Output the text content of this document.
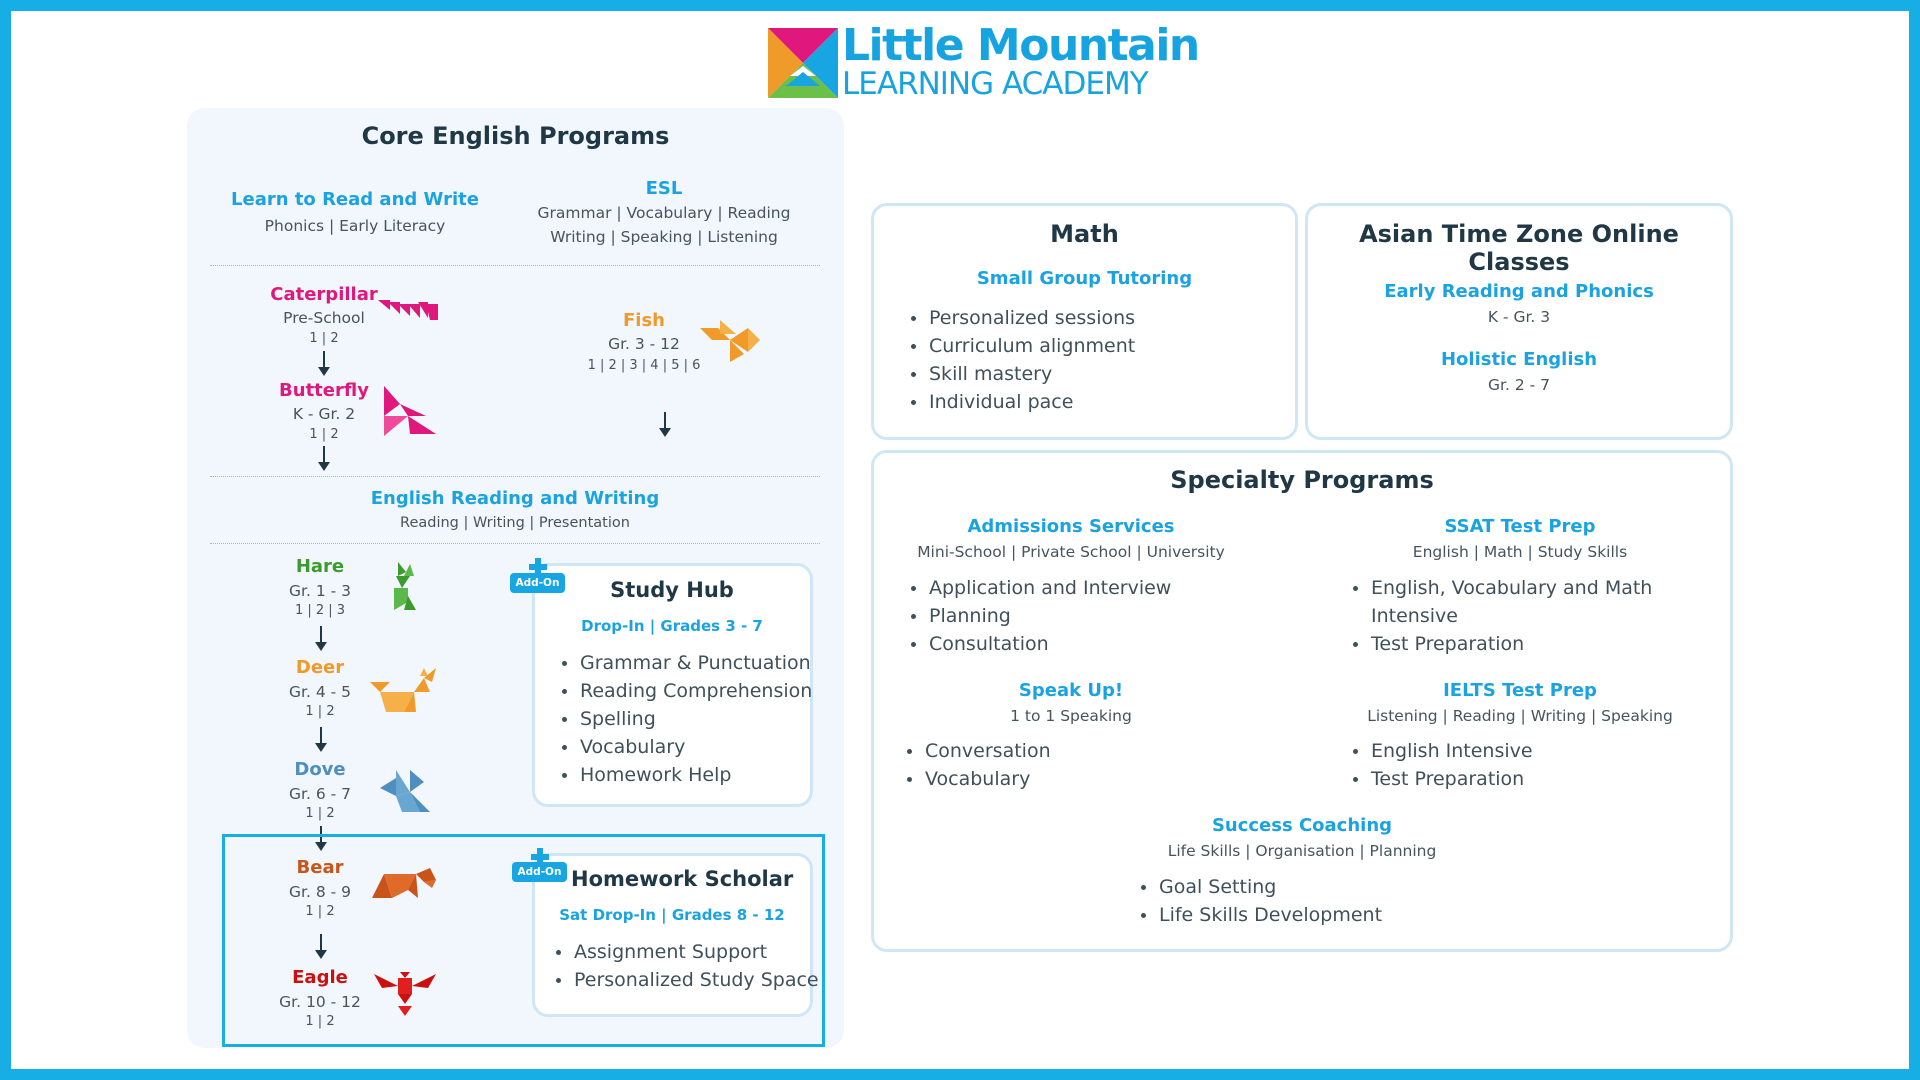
Little Mountain
LEARNING ACADEMY
Core English Programs
Learn to Read and Write
Phonics | Early Literacy
ESL
Grammar | Vocabulary | Reading
Writing | Speaking | Listening
Caterpillar
Pre-School
1 | 2
Butterfly
K - Gr. 2
1 | 2
Fish
Gr. 3 - 12
1 | 2 | 3 | 4 | 5 | 6
English Reading and Writing
Reading | Writing | Presentation
Hare
Gr. 1 - 3
1 | 2 | 3
Deer
Gr. 4 - 5
1 | 2
Dove
Gr. 6 - 7
1 | 2
Bear
Gr. 8 - 9
1 | 2
Eagle
Gr. 10 - 12
1 | 2
Add-On	Study Hub
Drop-In | Grades 3 - 7
Grammar & Punctuation
Reading Comprehension
Spelling
Vocabulary
Homework Help
Add-On Homework Scholar
Sat Drop-In | Grades 8 - 12
Assignment Support
Personalized Study Space
Math
Small Group Tutoring
Personalized sessions
Curriculum alignment
Skill mastery
Individual pace
Asian Time Zone Online Classes
Early Reading and Phonics
K - Gr. 3
Holistic English
Gr. 2 - 7
Specialty Programs
Admissions Services
Mini-School | Private School | University
Application and Interview
Planning
Consultation
SSAT Test Prep
English | Math | Study Skills
English, Vocabulary and Math
Intensive
Test Preparation
Speak Up!
1 to 1 Speaking
Conversation
Vocabulary
IELTS Test Prep
Listening | Reading | Writing | Speaking
English Intensive
Test Preparation
Success Coaching
Life Skills | Organisation | Planning
Goal Setting
Life Skills Development
